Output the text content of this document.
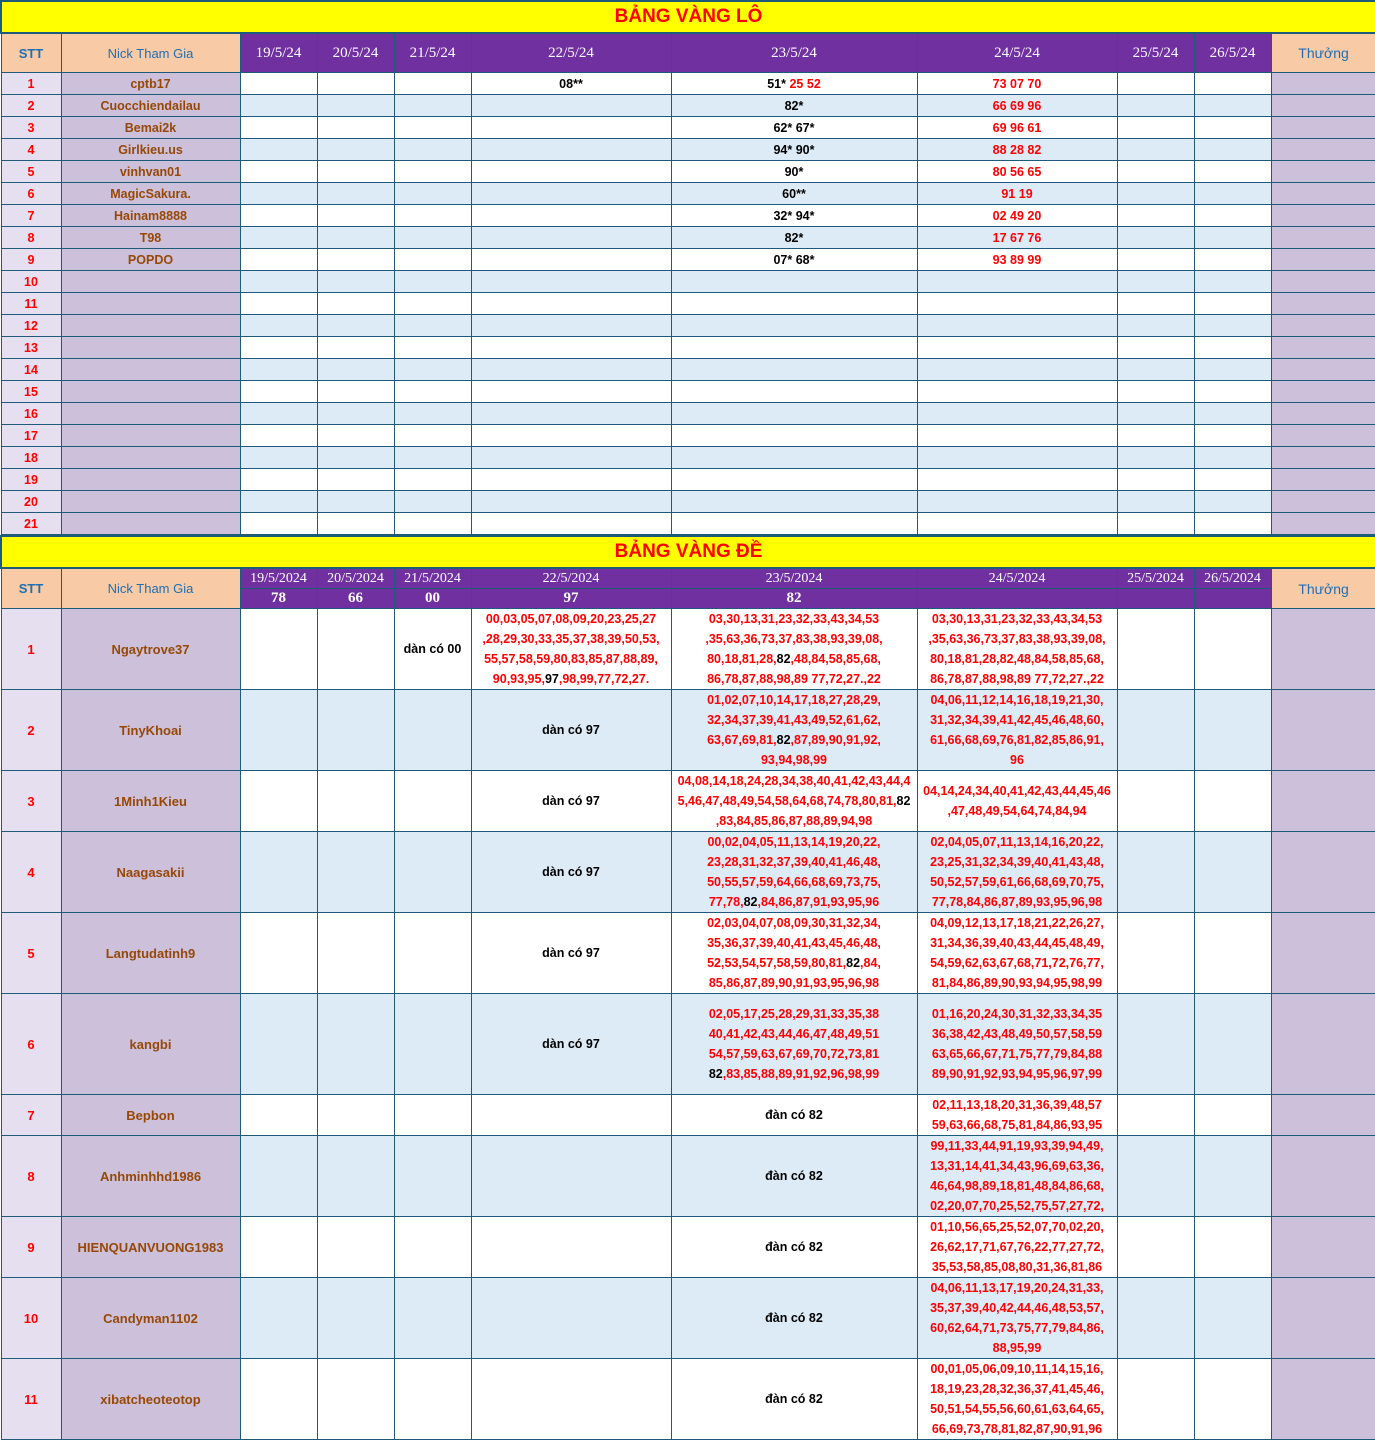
BẢNG VÀNG LÔ										
STT	Nick Tham Gia	19/5/24	20/5/24	21/5/24	22/5/24	23/5/24	24/5/24	25/5/24	26/5/24	Thưởng
1	cptb17				08**	51* 25 52	73 07 70			
2	Cuocchiendailau					82*	66 69 96			
3	Bemai2k					62* 67*	69 96 61			
4	Girlkieu.us					94* 90*	88 28 82			
5	vinhvan01					90*	80 56 65			
6	MagicSakura.					60**	91 19			
7	Hainam8888					32* 94*	02 49 20			
8	T98					82*	17 67 76			
9	POPDO					07* 68*	93 89 99			
10										
11										
12										
13										
14										
15										
16										
17										
18										
19										
20										
21										
BẢNG VÀNG ĐỀ										
STT	Nick Tham Gia	19/5/2024	20/5/2024	21/5/2024	22/5/2024	23/5/2024	24/5/2024	25/5/2024	26/5/2024	Thưởng
		78	66	00	97	82				
1	Ngaytrove37			dàn có 00	00,03,05,07,08,09,20,23,25,27
,28,29,30,33,35,37,38,39,50,53,
55,57,58,59,80,83,85,87,88,89,
90,93,95,97,98,99,77,72,27.	03,30,13,31,23,32,33,43,34,53
,35,63,36,73,37,83,38,93,39,08,
80,18,81,28,82,48,84,58,85,68,
86,78,87,88,98,89 77,72,27.,22	03,30,13,31,23,32,33,43,34,53
,35,63,36,73,37,83,38,93,39,08,
80,18,81,28,82,48,84,58,85,68,
86,78,87,88,98,89 77,72,27.,22			
2	TinyKhoai				dàn có 97	01,02,07,10,14,17,18,27,28,29,
32,34,37,39,41,43,49,52,61,62,
63,67,69,81,82,87,89,90,91,92,
93,94,98,99	04,06,11,12,14,16,18,19,21,30,
31,32,34,39,41,42,45,46,48,60,
61,66,68,69,76,81,82,85,86,91,
96			
3	1Minh1Kieu				dàn có 97	04,08,14,18,24,28,34,38,40,41,42,43,44,4
5,46,47,48,49,54,58,64,68,74,78,80,81,82
,83,84,85,86,87,88,89,94,98	04,14,24,34,40,41,42,43,44,45,46
,47,48,49,54,64,74,84,94			
4	Naagasakii				dàn có 97	00,02,04,05,11,13,14,19,20,22,
23,28,31,32,37,39,40,41,46,48,
50,55,57,59,64,66,68,69,73,75,
77,78,82,84,86,87,91,93,95,96	02,04,05,07,11,13,14,16,20,22,
23,25,31,32,34,39,40,41,43,48,
50,52,57,59,61,66,68,69,70,75,
77,78,84,86,87,89,93,95,96,98			
5	Langtudatinh9				dàn có 97	02,03,04,07,08,09,30,31,32,34,
35,36,37,39,40,41,43,45,46,48,
52,53,54,57,58,59,80,81,82,84,
85,86,87,89,90,91,93,95,96,98	04,09,12,13,17,18,21,22,26,27,
31,34,36,39,40,43,44,45,48,49,
54,59,62,63,67,68,71,72,76,77,
81,84,86,89,90,93,94,95,98,99			
6	kangbi				dàn có 97	02,05,17,25,28,29,31,33,35,38
40,41,42,43,44,46,47,48,49,51
54,57,59,63,67,69,70,72,73,81
82,83,85,88,89,91,92,96,98,99	01,16,20,24,30,31,32,33,34,35
36,38,42,43,48,49,50,57,58,59
63,65,66,67,71,75,77,79,84,88
89,90,91,92,93,94,95,96,97,99			
7	Bepbon					đàn có 82	02,11,13,18,20,31,36,39,48,57
59,63,66,68,75,81,84,86,93,95			
8	Anhminhhd1986					đàn có 82	99,11,33,44,91,19,93,39,94,49,
13,31,14,41,34,43,96,69,63,36,
46,64,98,89,18,81,48,84,86,68,
02,20,07,70,25,52,75,57,27,72,			
9	HIENQUANVUONG1983					đàn có 82	01,10,56,65,25,52,07,70,02,20,
26,62,17,71,67,76,22,77,27,72,
35,53,58,85,08,80,31,36,81,86			
10	Candyman1102					đàn có 82	04,06,11,13,17,19,20,24,31,33,
35,37,39,40,42,44,46,48,53,57,
60,62,64,71,73,75,77,79,84,86,
88,95,99			
11	xibatcheoteotop					đàn có 82	00,01,05,06,09,10,11,14,15,16,
18,19,23,28,32,36,37,41,45,46,
50,51,54,55,56,60,61,63,64,65,
66,69,73,78,81,82,87,90,91,96			
